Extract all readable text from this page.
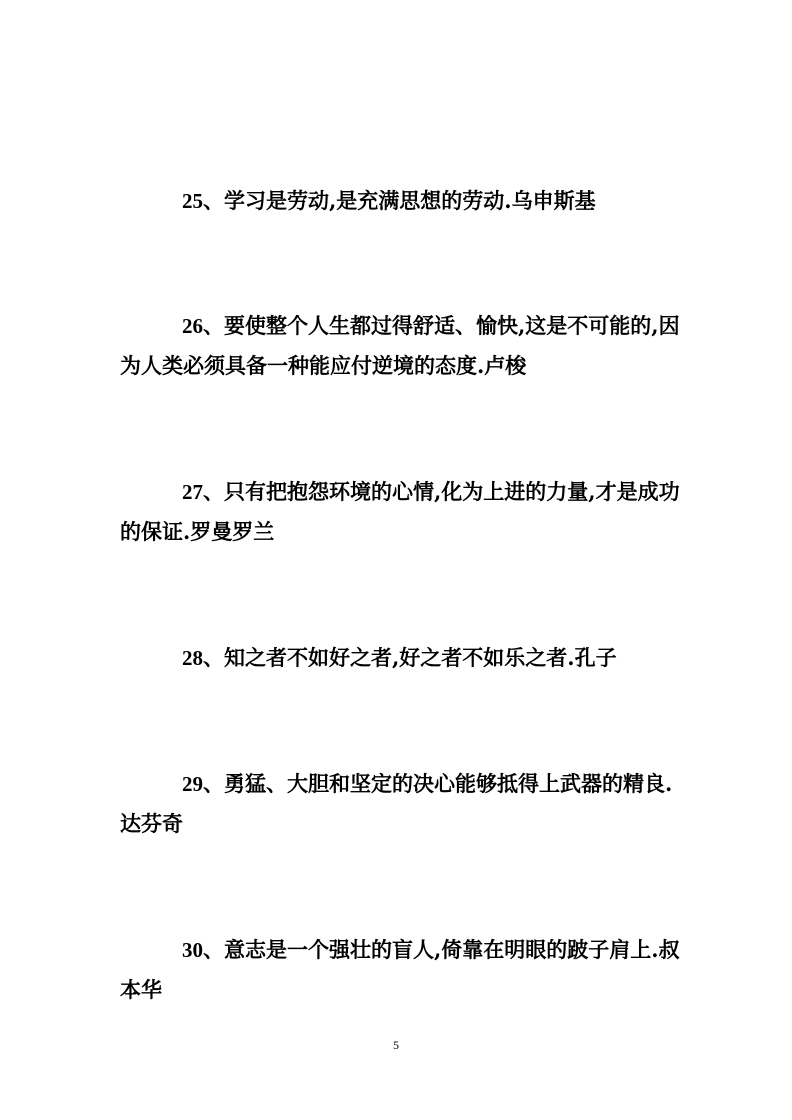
25、学习是劳动,是充满思想的劳动.乌申斯基

26、要使整个人生都过得舒适、愉快,这是不可能的,因为人类必须具备一种能应付逆境的态度.卢梭

27、只有把抱怨环境的心情,化为上进的力量,才是成功的保证.罗曼罗兰

28、知之者不如好之者,好之者不如乐之者.孔子

29、勇猛、大胆和坚定的决心能够抵得上武器的精良.达芬奇

30、意志是一个强壮的盲人,倚靠在明眼的跛子肩上.叔本华

5
